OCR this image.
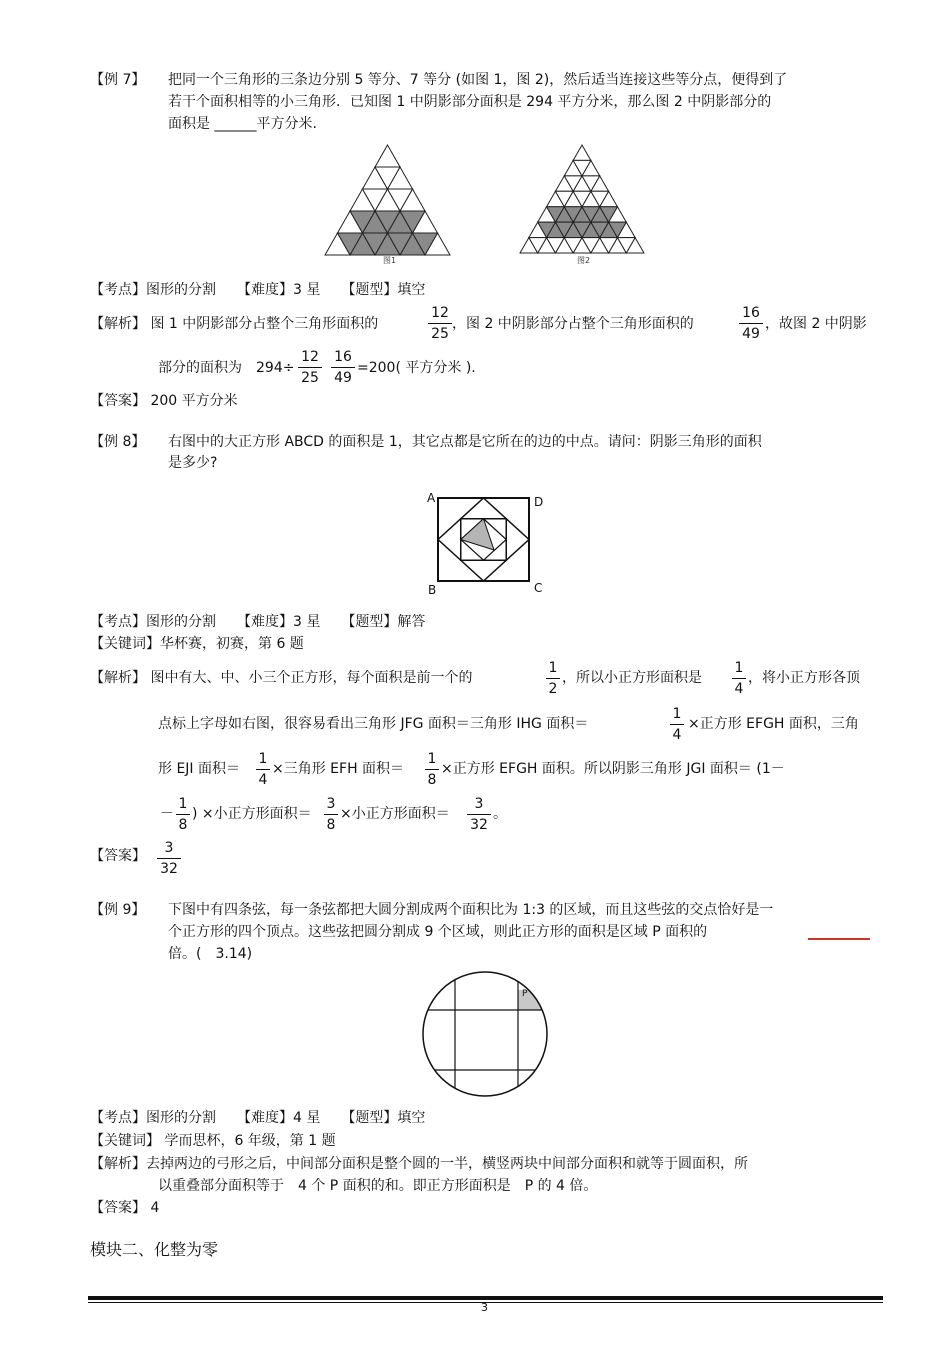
【例 7】 把同一个三角形的三条边分别 5 等分、7 等分 (如图 1，图 2)，然后适当连接这些等分点，便得到了
若干个面积相等的小三角形．已知图 1 中阴影部分面积是 294 平方分米，那么图 2 中阴影部分的
面积是 ______平方分米.
图1	图2
【考点】图形的分割　　【难度】3 星　　【题型】填空
【解析】 图 1 中阴影部分占整个三角形面积的
12
25
，图 2 中阴影部分占整个三角形面积的
16
49
，故图 2 中阴影
部分的面积为　294÷
12
25
16
49
=200( 平方分米 ).
【答案】 200 平方分米
【例 8】 右图中的大正方形 ABCD 的面积是 1，其它点都是它所在的边的中点。请问：阴影三角形的面积
是多少?
A	D
B	C
【考点】图形的分割　　【难度】3 星　　【题型】解答
【关键词】华杯赛，初赛，第 6 题
【解析】 图中有大、中、小三个正方形，每个面积是前一个的
1
2
，所以小正方形面积是
1
4
，将小正方形各顶
点标上字母如右图，很容易看出三角形 JFG 面积＝三角形 IHG 面积＝
1
4
×正方形 EFGH 面积，三角
形 EJI 面积＝
1
4
×三角形 EFH 面积＝
1
8
×正方形 EFGH 面积。所以阴影三角形 JGI 面积＝ (1－
－
1
8
) ×小正方形面积＝
3
8
×小正方形面积＝
3
32
。
【答案】	3
32
【例 9】 下图中有四条弦，每一条弦都把大圆分割成两个面积比为 1:3 的区域，而且这些弦的交点恰好是一
个正方形的四个顶点。这些弦把圆分割成 9 个区域，则此正方形的面积是区域 P 面积的
倍。(　3.14)
P
【考点】图形的分割　　【难度】4 星　　【题型】填空
【关键词】 学而思杯，6 年级，第 1 题
【解析】去掉两边的弓形之后，中间部分面积是整个圆的一半，横竖两块中间部分面积和就等于圆面积，所
以重叠部分面积等于　4 个 P 面积的和。即正方形面积是　P 的 4 倍。
【答案】 4
模块二、化整为零
3
